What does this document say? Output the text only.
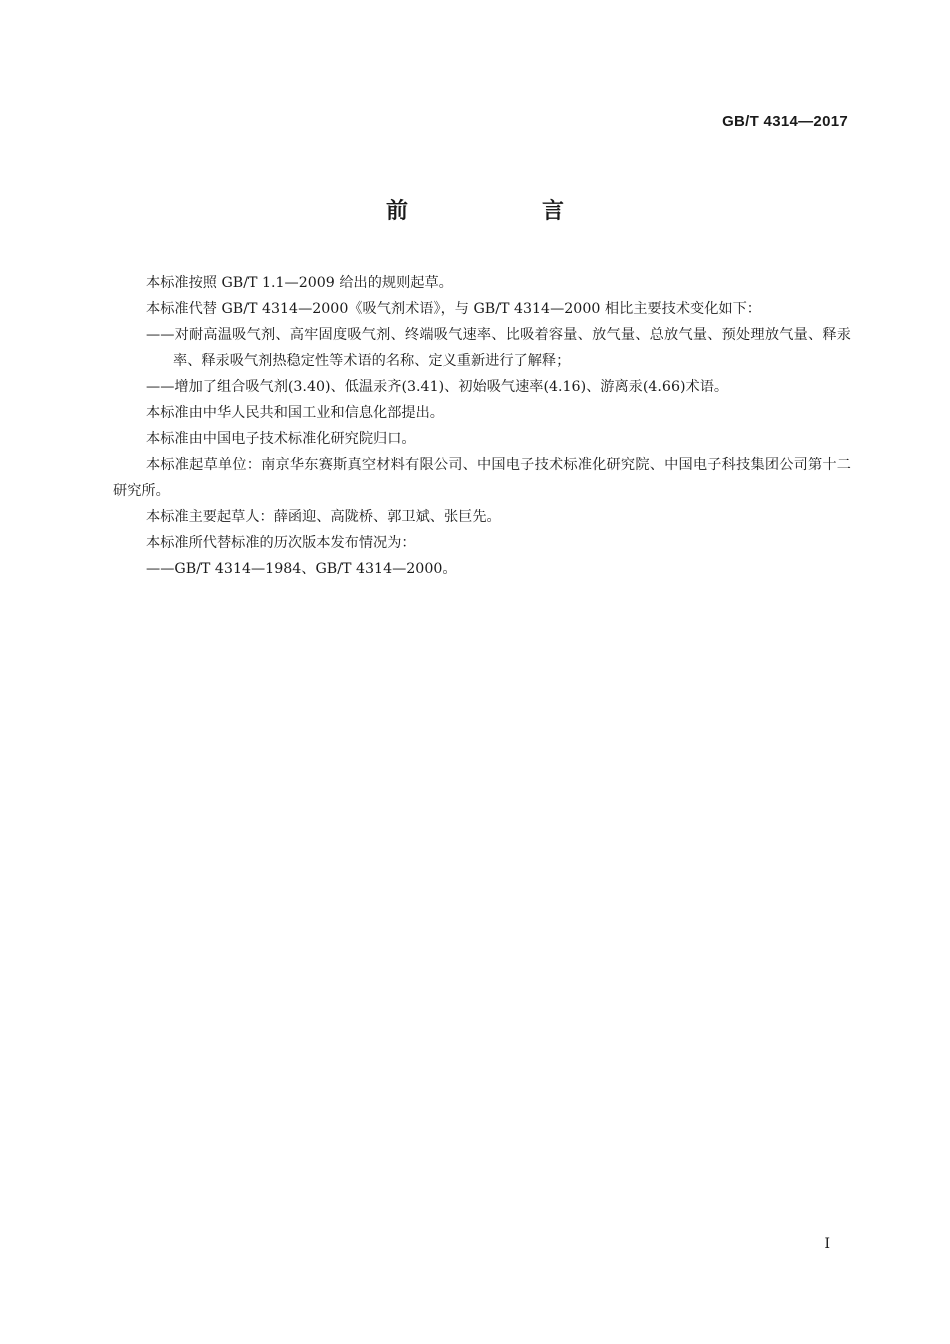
GB/T 4314—2017
前　言

本标准按照 GB/T 1.1—2009 给出的规则起草。

本标准代替 GB/T 4314—2000《吸气剂术语》，与 GB/T 4314—2000 相比主要技术变化如下：

——对耐高温吸气剂、高牢固度吸气剂、终端吸气速率、比吸着容量、放气量、总放气量、预处理放气量、释汞率、释汞吸气剂热稳定性等术语的名称、定义重新进行了解释；

——增加了组合吸气剂(3.40)、低温汞齐(3.41)、初始吸气速率(4.16)、游离汞(4.66)术语。

本标准由中华人民共和国工业和信息化部提出。

本标准由中国电子技术标准化研究院归口。

本标准起草单位：南京华东赛斯真空材料有限公司、中国电子技术标准化研究院、中国电子科技集团公司第十二研究所。

本标准主要起草人：薛函迎、高陇桥、郭卫斌、张巨先。

本标准所代替标准的历次版本发布情况为：

——GB/T 4314—1984、GB/T 4314—2000。

Ⅰ
